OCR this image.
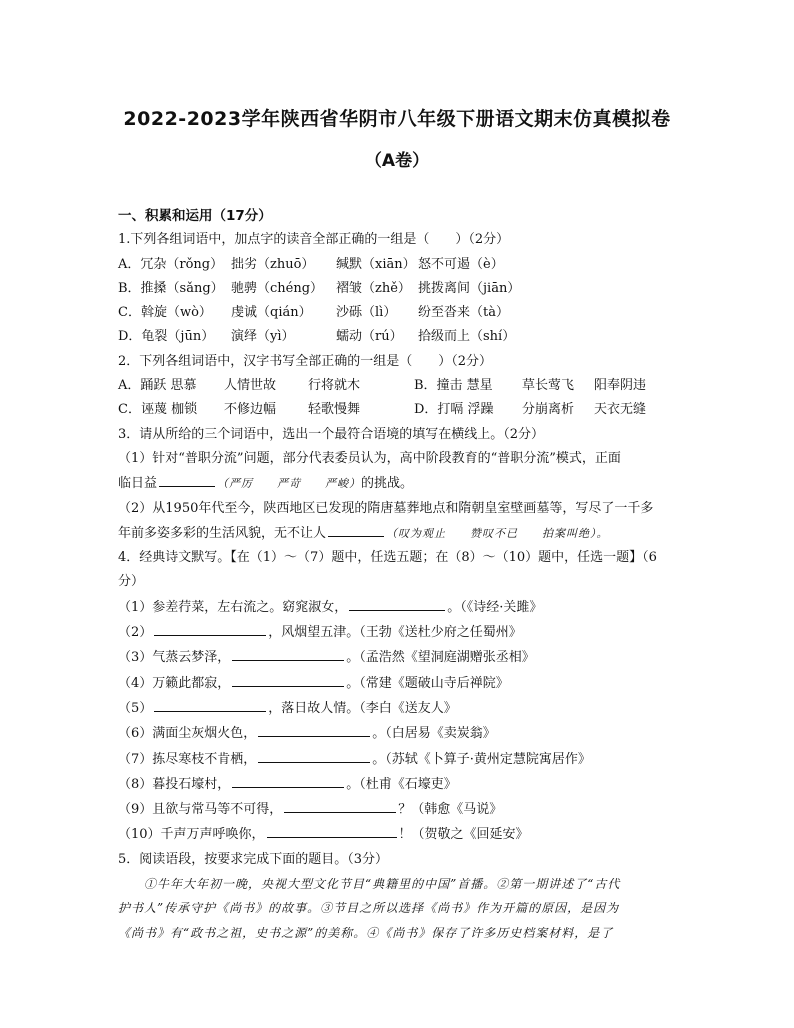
2022-2023学年陕西省华阴市八年级下册语文期末仿真模拟卷
（A卷）
一、积累和运用（17分）
1.下列各组词语中，加点字的读音全部正确的一组是（　　）（2分）
A．冗杂（rǒng） 拙劣（zhuō）	缄默（xiān） 怒不可遏（è）
B．推搡（sǎng） 驰骋（chéng） 褶皱（zhě） 挑拨离间（jiān）
C．斡旋（wò）	虔诚（qián）	沙砾（lì）	纷至沓来（tà）
D．龟裂（jūn）	演绎（yì）	蠕动（rú）	拾级而上（shí）
2．下列各组词语中，汉字书写全部正确的一组是（　　）（2分）
A．踊跃 思慕	人情世故	行将就木	B．撞击 慧星	草长莺飞	阳奉阴违
C．诬蔑 枷锁	不修边幅	轻歌慢舞	D．打嗝 浮躁	分崩离析	天衣无缝
3．请从所给的三个词语中，选出一个最符合语境的填写在横线上。（2分）
（1）针对“普职分流”问题，部分代表委员认为，高中阶段教育的“普职分流”模式，正面
临日益	（严厉　　严苛　　严峻）的挑战。
（2）从1950年代至今，陕西地区已发现的隋唐墓葬地点和隋朝皇室壁画墓等，写尽了一千多
年前多姿多彩的生活风貌，无不让人	（叹为观止　　赞叹不已　　拍案叫绝）。
4．经典诗文默写。【在（1）～（7）题中，任选五题；在（8）～（10）题中，任选一题】（6
分）
（1）参差荇菜，左右流之。窈窕淑女，	。（《诗经·关雎》
（2）	，风烟望五津。（王勃《送杜少府之任蜀州》
（3）气蒸云梦泽，	。（孟浩然《望洞庭湖赠张丞相》
（4）万籁此都寂，	。（常建《题破山寺后禅院》
（5）	，落日故人情。（李白《送友人》
（6）满面尘灰烟火色，	。（白居易《卖炭翁》
（7）拣尽寒枝不肯栖，	。（苏轼《卜算子·黄州定慧院寓居作》
（8）暮投石壕村，	。（杜甫《石壕吏》
（9）且欲与常马等不可得，	？（韩愈《马说》
（10）千声万声呼唤你，	！（贺敬之《回延安》
5．阅读语段，按要求完成下面的题目。（3分）
①牛年大年初一晚，央视大型文化节目“典籍里的中国”首播。②第一期讲述了“古代
护书人”传承守护《尚书》的故事。③节目之所以选择《尚书》作为开篇的原因，是因为
《尚书》有“政书之祖，史书之源”的美称。④《尚书》保存了许多历史档案材料，是了
